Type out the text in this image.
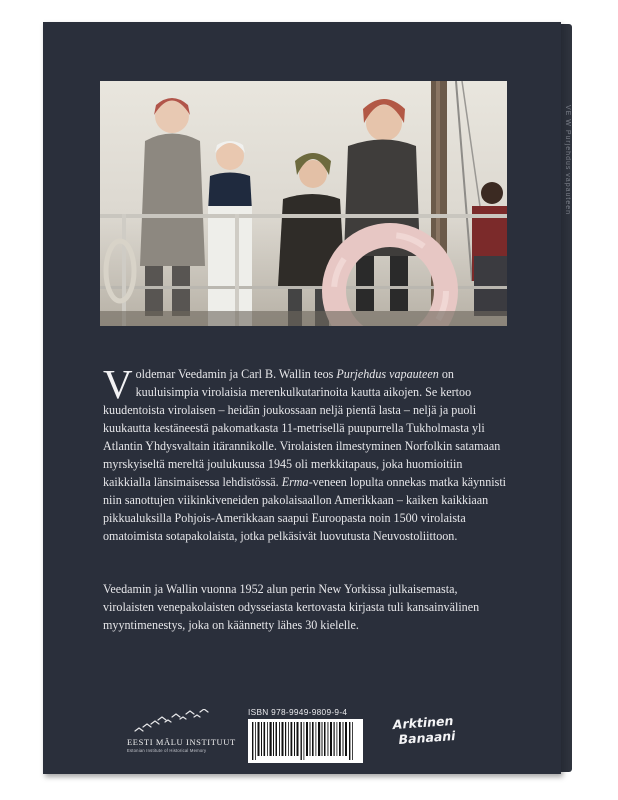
VE W Purjehdus vapauteen

Voldemar Veedamin ja Carl B. Wallin teos Purjehdus vapauteen on kuuluisimpia virolaisia merenkulkutarinoita kautta aikojen. Se kertoo kuudentoista virolaisen – heidän joukossaan neljä pientä lasta – neljä ja puoli kuukautta kestäneestä pakomatkasta 11-metrisellä puupurrella Tukholmasta yli Atlantin Yhdysvaltain itärannikolle. Virolaisten ilmestyminen Norfolkin satamaan myrskyiseltä mereltä joulukuussa 1945 oli merkkitapaus, joka huomioitiin kaikkialla länsimaisessa lehdistössä. Erma-veneen lopulta onnekas matka käynnisti niin sanottujen viikinkiveneiden pakolaisaallon Amerikkaan – kaiken kaikkiaan pikkualuksilla Pohjois-Amerikkaan saapui Euroopasta noin 1500 virolaista omatoimista sotapakolaista, jotka pelkäsivät luovutusta Neuvostoliittoon.

Veedamin ja Wallin vuonna 1952 alun perin New Yorkissa julkaisemasta, virolaisten venepakolaisten odysseiasta kertovasta kirjasta tuli kansainvälinen myyntimenestys, joka on käännetty lähes 30 kielelle.

EESTI MÄLU INSTITUUT
Estonian Institute of Historical Memory
ISBN 978-9949-9809-9-4
Arktinen
Banaani
